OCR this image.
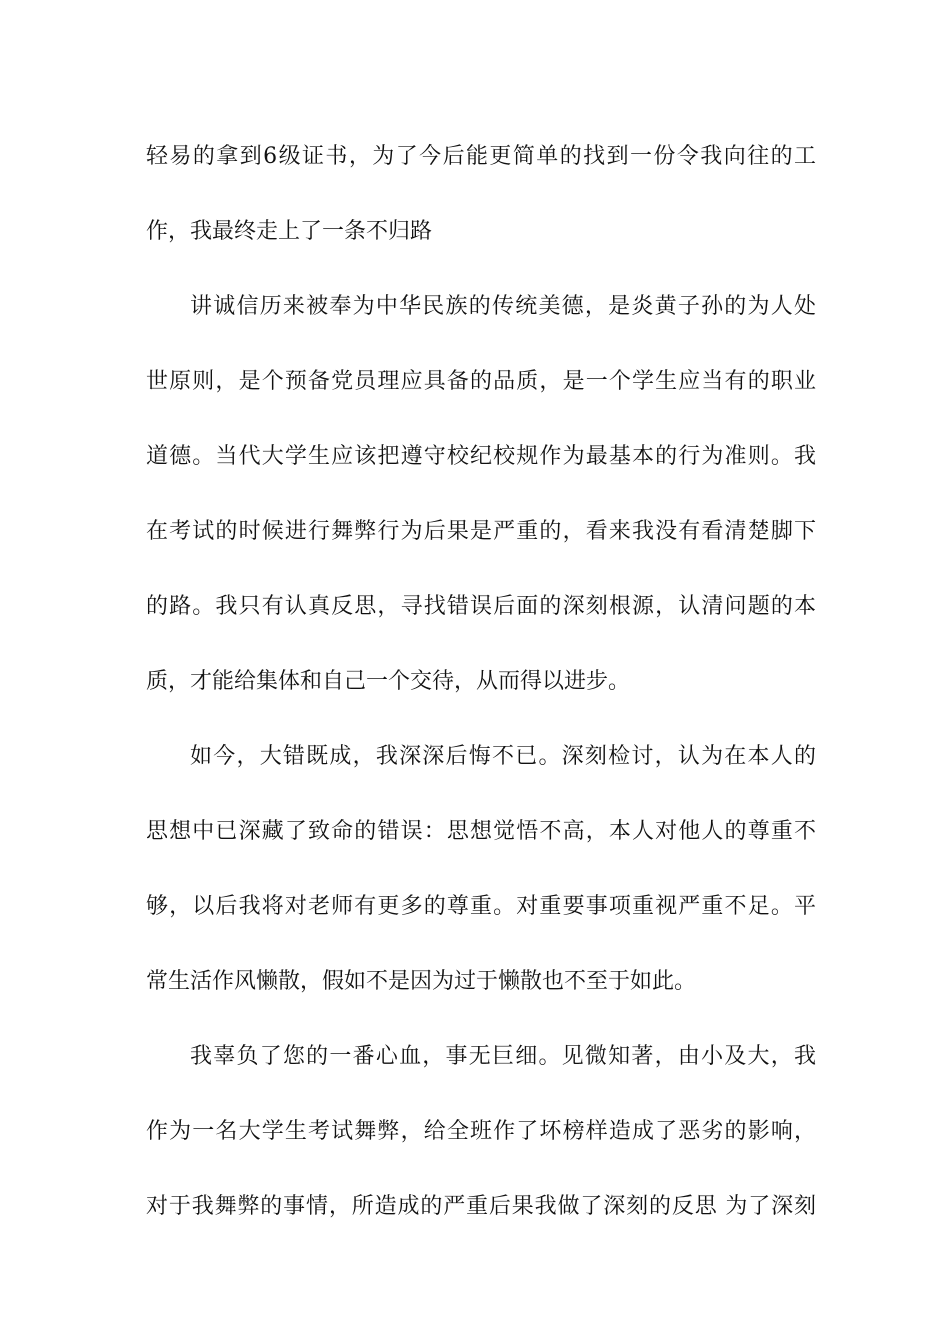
轻易的拿到6级证书，为了今后能更简单的找到一份令我向往的工
作，我最终走上了一条不归路
讲诚信历来被奉为中华民族的传统美德，是炎黄子孙的为人处
世原则，是个预备党员理应具备的品质，是一个学生应当有的职业
道德。当代大学生应该把遵守校纪校规作为最基本的行为准则。我
在考试的时候进行舞弊行为后果是严重的，看来我没有看清楚脚下
的路。我只有认真反思，寻找错误后面的深刻根源，认清问题的本
质，才能给集体和自己一个交待，从而得以进步。
如今，大错既成，我深深后悔不已。深刻检讨，认为在本人的
思想中已深藏了致命的错误：思想觉悟不高，本人对他人的尊重不
够，以后我将对老师有更多的尊重。对重要事项重视严重不足。平
常生活作风懒散，假如不是因为过于懒散也不至于如此。
我辜负了您的一番心血，事无巨细。见微知著，由小及大，我
作为一名大学生考试舞弊，给全班作了坏榜样造成了恶劣的影响，
对于我舞弊的事情，所造成的严重后果我做了深刻的反思 为了深刻
